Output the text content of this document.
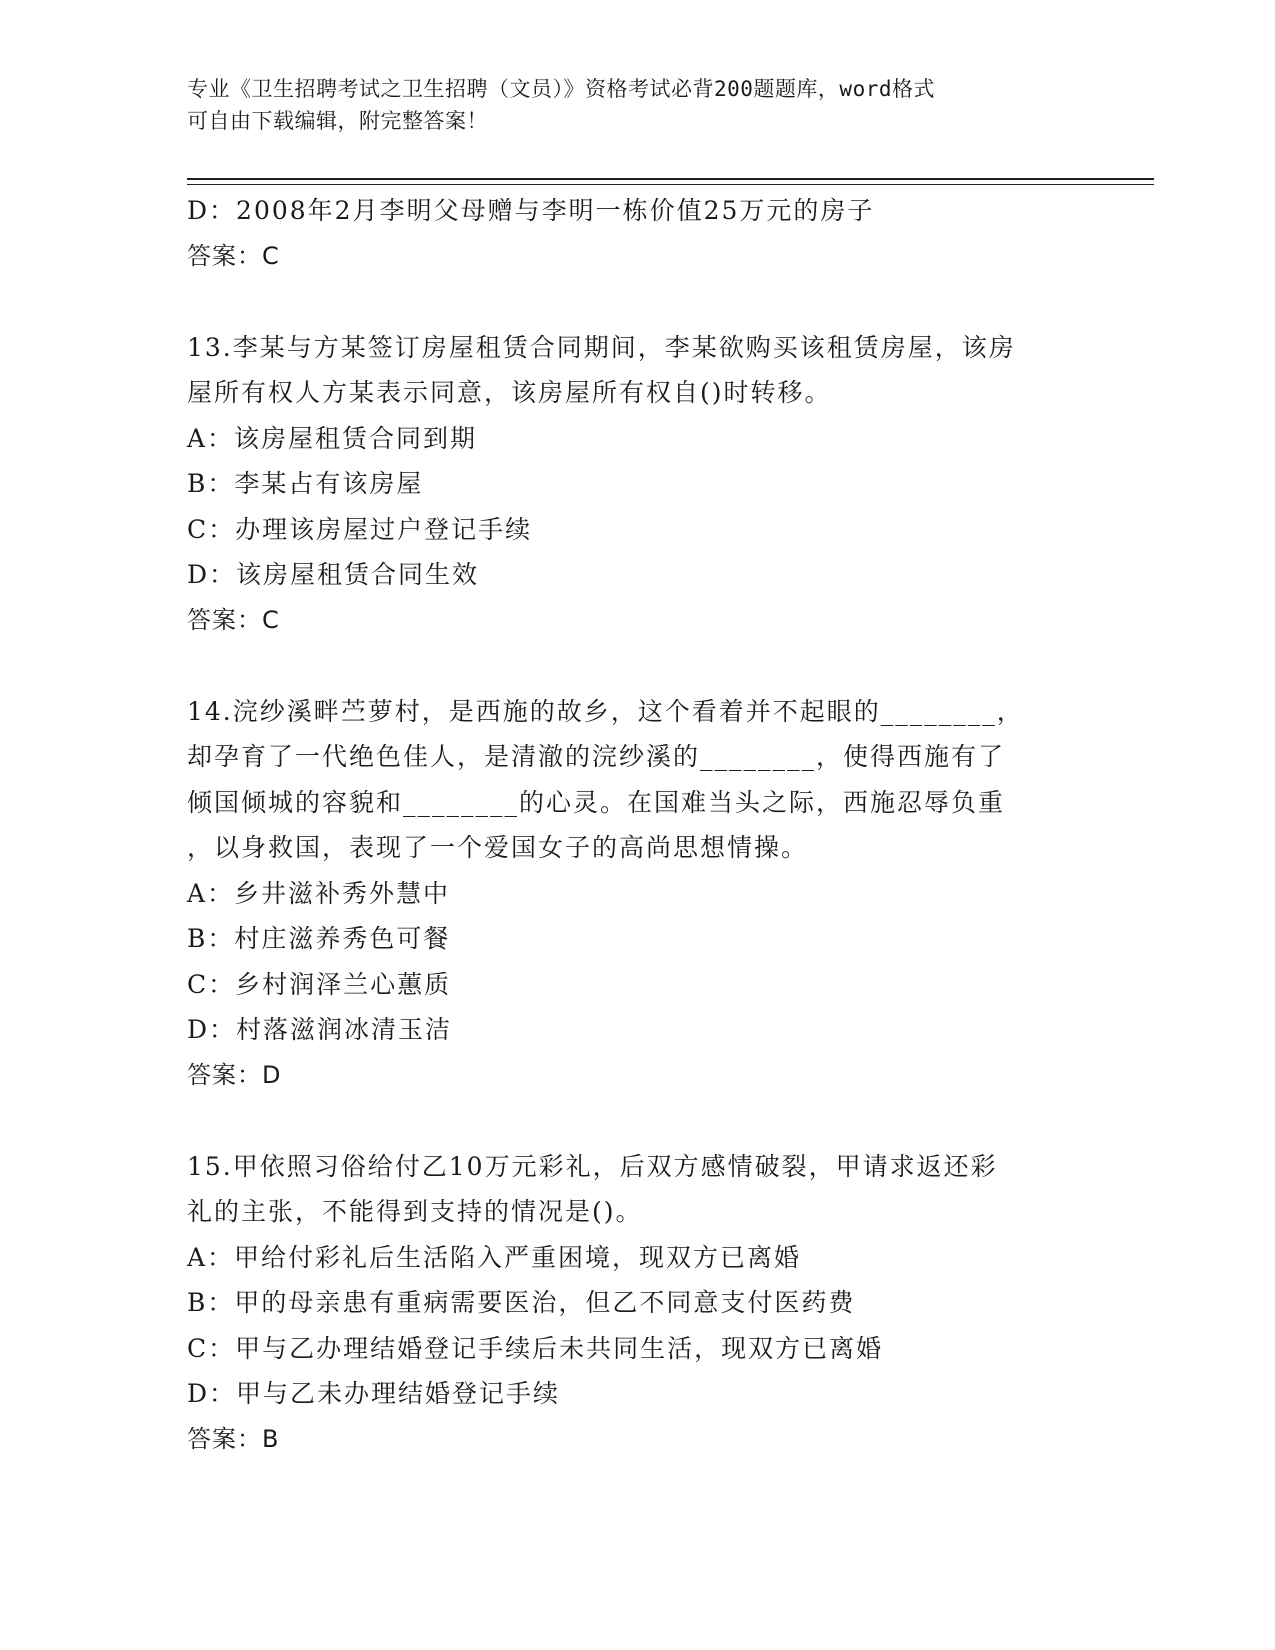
专业《卫生招聘考试之卫生招聘（文员）》资格考试必背200题题库，word格式
可自由下载编辑，附完整答案！
D：2008年2月李明父母赠与李明一栋价值25万元的房子
答案：C
13.李某与方某签订房屋租赁合同期间，李某欲购买该租赁房屋，该房
屋所有权人方某表示同意，该房屋所有权自()时转移。
A：该房屋租赁合同到期
B：李某占有该房屋
C：办理该房屋过户登记手续
D：该房屋租赁合同生效
答案：C
14.浣纱溪畔苎萝村，是西施的故乡，这个看着并不起眼的________，
却孕育了一代绝色佳人，是清澈的浣纱溪的________，使得西施有了
倾国倾城的容貌和________的心灵。在国难当头之际，西施忍辱负重
，以身救国，表现了一个爱国女子的高尚思想情操。
A：乡井滋补秀外慧中
B：村庄滋养秀色可餐
C：乡村润泽兰心蕙质
D：村落滋润冰清玉洁
答案：D
15.甲依照习俗给付乙10万元彩礼，后双方感情破裂，甲请求返还彩
礼的主张，不能得到支持的情况是()。
A：甲给付彩礼后生活陷入严重困境，现双方已离婚
B：甲的母亲患有重病需要医治，但乙不同意支付医药费
C：甲与乙办理结婚登记手续后未共同生活，现双方已离婚
D：甲与乙未办理结婚登记手续
答案：B
